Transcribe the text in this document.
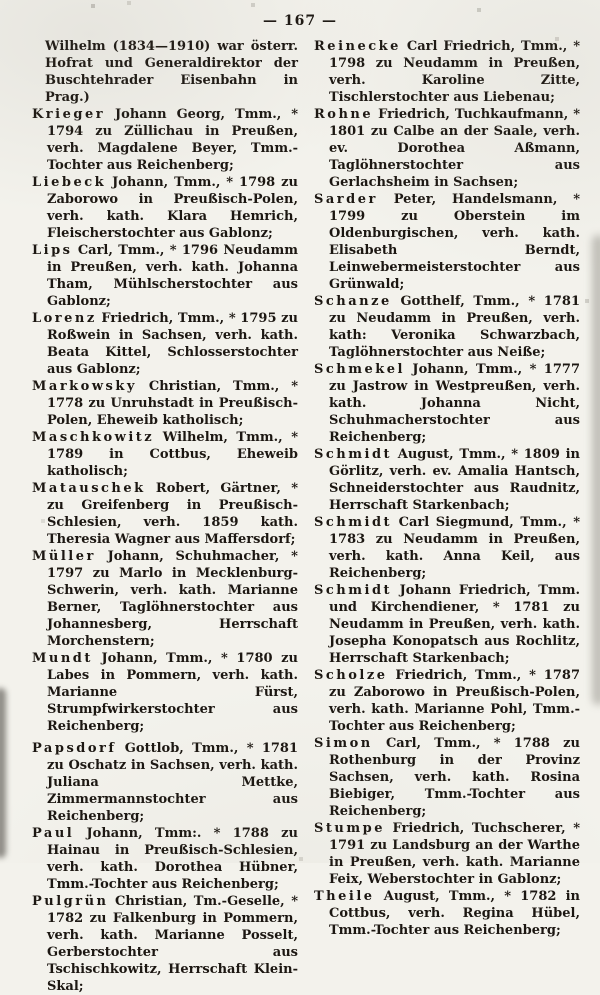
— 167 —

Wilhelm (1834—1910) war österr. Hofrat und Generaldirektor der Buschtehrader Eisenbahn in Prag.)

Krieger Johann Georg, Tmm., * 1794 zu Züllichau in Preußen, verh. Magdalene Beyer, Tmm.-Tochter aus Reichenberg;

Liebeck Johann, Tmm., * 1798 zu Zaborowo in Preußisch-Polen, verh. kath. Klara Hemrich, Fleischerstochter aus Gablonz;

Lips Carl, Tmm., * 1796 Neudamm in Preußen, verh. kath. Johanna Tham, Mühlscherstochter aus Gablonz;

Lorenz Friedrich, Tmm., * 1795 zu Roßwein in Sachsen, verh. kath. Beata Kittel, Schlosserstochter aus Gablonz;

Markowsky Christian, Tmm., * 1778 zu Unruhstadt in Preußisch-Polen, Eheweib katholisch;

Maschkowitz Wilhelm, Tmm., * 1789 in Cottbus, Eheweib katholisch;

Matauschek Robert, Gärtner, * zu Greifenberg in Preußisch-Schlesien, verh. 1859 kath. Theresia Wagner aus Maffersdorf;

Müller Johann, Schuhmacher, * 1797 zu Marlo in Mecklenburg-Schwerin, verh. kath. Marianne Berner, Taglöhnerstochter aus Johannesberg, Herrschaft Morchenstern;

Mundt Johann, Tmm., * 1780 zu Labes in Pommern, verh. kath. Marianne Fürst, Strumpfwirkerstochter aus Reichenberg;

Papsdorf Gottlob, Tmm., * 1781 zu Oschatz in Sachsen, verh. kath. Juliana Mettke, Zimmermannstochter aus Reichenberg;

Paul Johann, Tmm:. * 1788 zu Hainau in Preußisch-Schlesien, verh. kath. Dorothea Hübner, Tmm.-Tochter aus Reichenberg;

Pulgrün Christian, Tm.-Geselle, * 1782 zu Falkenburg in Pommern, verh. kath. Marianne Posselt, Gerberstochter aus Tschischkowitz, Herrschaft Klein-Skal;

Reinecke Carl Friedrich, Tmm., * 1798 zu Neudamm in Preußen, verh. Karoline Zitte, Tischlerstochter aus Liebenau;

Rohne Friedrich, Tuchkaufmann, * 1801 zu Calbe an der Saale, verh. ev. Dorothea Aßmann, Taglöhnerstochter aus Gerlachsheim in Sachsen;

Sarder Peter, Handelsmann, * 1799 zu Oberstein im Oldenburgischen, verh. kath. Elisabeth Berndt, Leinwebermeisterstochter aus Grünwald;

Schanze Gotthelf, Tmm., * 1781 zu Neudamm in Preußen, verh. kath: Veronika Schwarzbach, Taglöhnerstochter aus Neiße;

Schmekel Johann, Tmm., * 1777 zu Jastrow in Westpreußen, verh. kath. Johanna Nicht, Schuhmacherstochter aus Reichenberg;

Schmidt August, Tmm., * 1809 in Görlitz, verh. ev. Amalia Hantsch, Schneiderstochter aus Raudnitz, Herrschaft Starkenbach;

Schmidt Carl Siegmund, Tmm., * 1783 zu Neudamm in Preußen, verh. kath. Anna Keil, aus Reichenberg;

Schmidt Johann Friedrich, Tmm. und Kirchendiener, * 1781 zu Neudamm in Preußen, verh. kath. Josepha Konopatsch aus Rochlitz, Herrschaft Starkenbach;

Scholze Friedrich, Tmm., * 1787 zu Zaborowo in Preußisch-Polen, verh. kath. Marianne Pohl, Tmm.-Tochter aus Reichenberg;

Simon Carl, Tmm., * 1788 zu Rothenburg in der Provinz Sachsen, verh. kath. Rosina Biebiger, Tmm.-Tochter aus Reichenberg;

Stumpe Friedrich, Tuchscherer, * 1791 zu Landsburg an der Warthe in Preußen, verh. kath. Marianne Feix, Weberstochter in Gablonz;

Theile August, Tmm., * 1782 in Cottbus, verh. Regina Hübel, Tmm.-Tochter aus Reichenberg;
